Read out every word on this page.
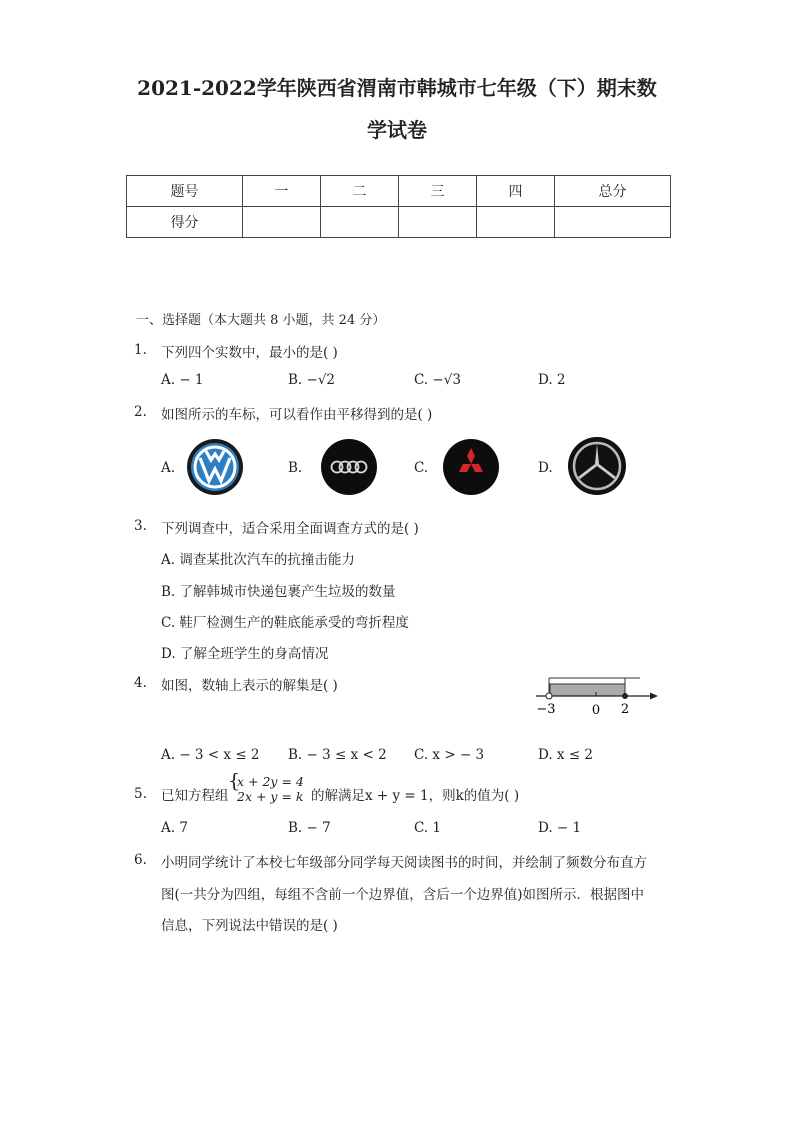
2021-2022学年陕西省渭南市韩城市七年级（下）期末数
学试卷
题号	一	二	三	四	总分
得分					
一、选择题（本大题共 8 小题，共 24 分）
1. 下列四个实数中，最小的是( )
A. − 1	B. −√2	C. −√3	D. 2
2. 如图所示的车标，可以看作由平移得到的是( )
A.	B.	C.	D.
3. 下列调查中，适合采用全面调查方式的是( )
A. 调查某批次汽车的抗撞击能力
B. 了解韩城市快递包裹产生垃圾的数量
C. 鞋厂检测生产的鞋底能承受的弯折程度
D. 了解全班学生的身高情况
4. 如图，数轴上表示的解集是( )
−3	0 2
A. − 3 < x ≤ 2 B. − 3 ≤ x < 2 C. x > − 3	D. x ≤ 2
5. 已知方程组
{
x + 2y = 4
2x + y = k 的解满足x + y = 1，则k的值为( )
A. 7	B. − 7	C. 1	D. − 1
6. 小明同学统计了本校七年级部分同学每天阅读图书的时间，并绘制了频数分布直方
图(一共分为四组，每组不含前一个边界值，含后一个边界值)如图所示．根据图中
信息，下列说法中错误的是( )
